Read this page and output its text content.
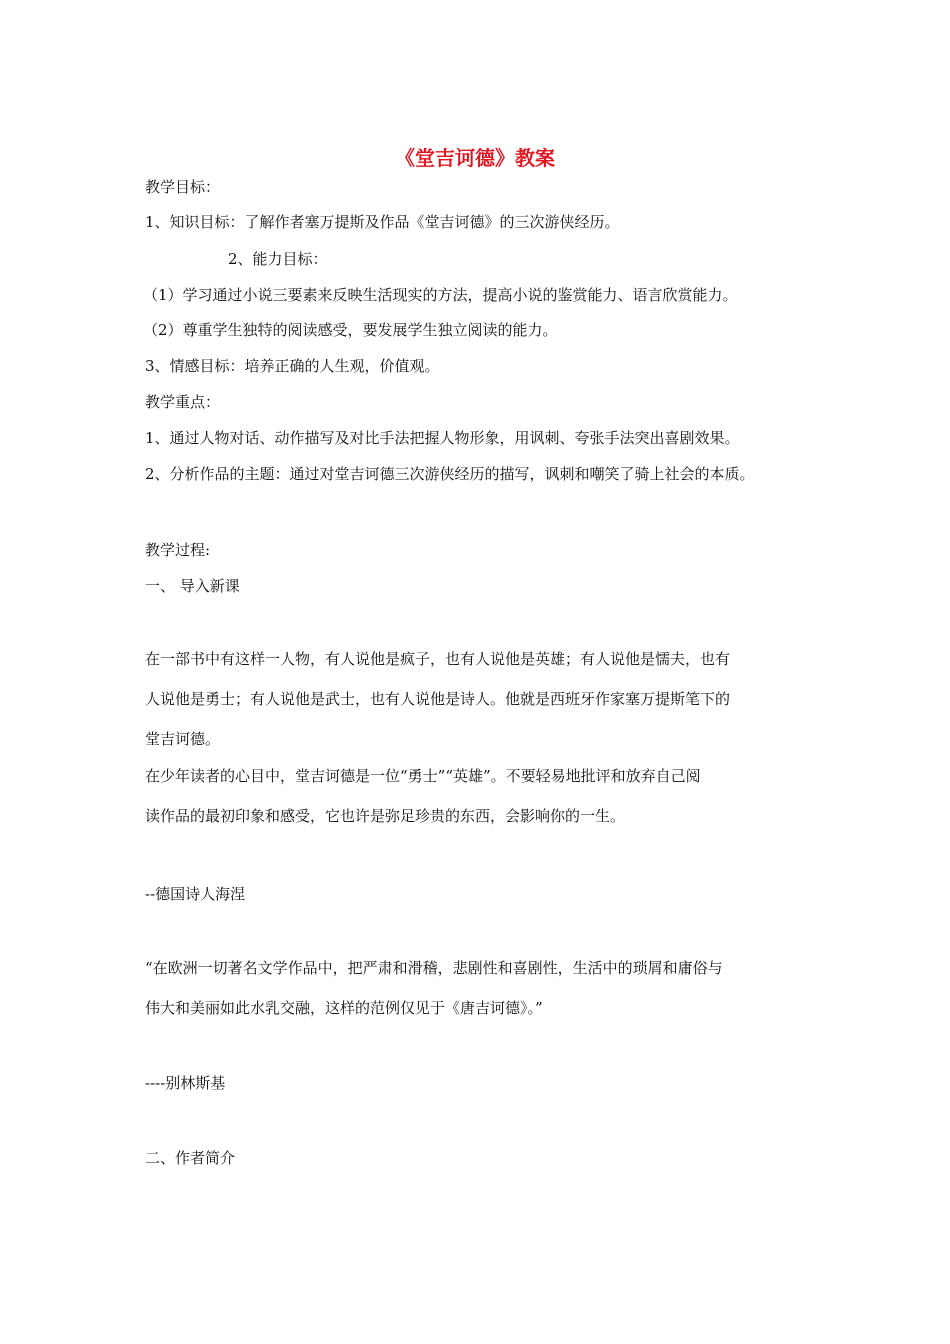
《堂吉诃德》教案
教学目标：
1、知识目标：了解作者塞万提斯及作品《堂吉诃德》的三次游侠经历。
2、能力目标：
（1）学习通过小说三要素来反映生活现实的方法，提高小说的鉴赏能力、语言欣赏能力。
（2）尊重学生独特的阅读感受，要发展学生独立阅读的能力。
3、情感目标：培养正确的人生观，价值观。
教学重点：
1、通过人物对话、动作描写及对比手法把握人物形象，用讽刺、夸张手法突出喜剧效果。
2、分析作品的主题：通过对堂吉诃德三次游侠经历的描写，讽刺和嘲笑了骑上社会的本质。
教学过程:
一、 导入新课
在一部书中有这样一人物，有人说他是疯子，也有人说他是英雄；有人说他是懦夫，也有
人说他是勇士；有人说他是武士，也有人说他是诗人。他就是西班牙作家塞万提斯笔下的
堂吉诃德。
在少年读者的心目中，堂吉诃德是一位“勇士”“英雄”。不要轻易地批评和放弃自己阅
读作品的最初印象和感受，它也许是弥足珍贵的东西，会影响你的一生。
--德国诗人海涅
“在欧洲一切著名文学作品中，把严肃和滑稽，悲剧性和喜剧性，生活中的琐屑和庸俗与
伟大和美丽如此水乳交融，这样的范例仅见于《唐吉诃德》。”
----别林斯基
二、作者简介
